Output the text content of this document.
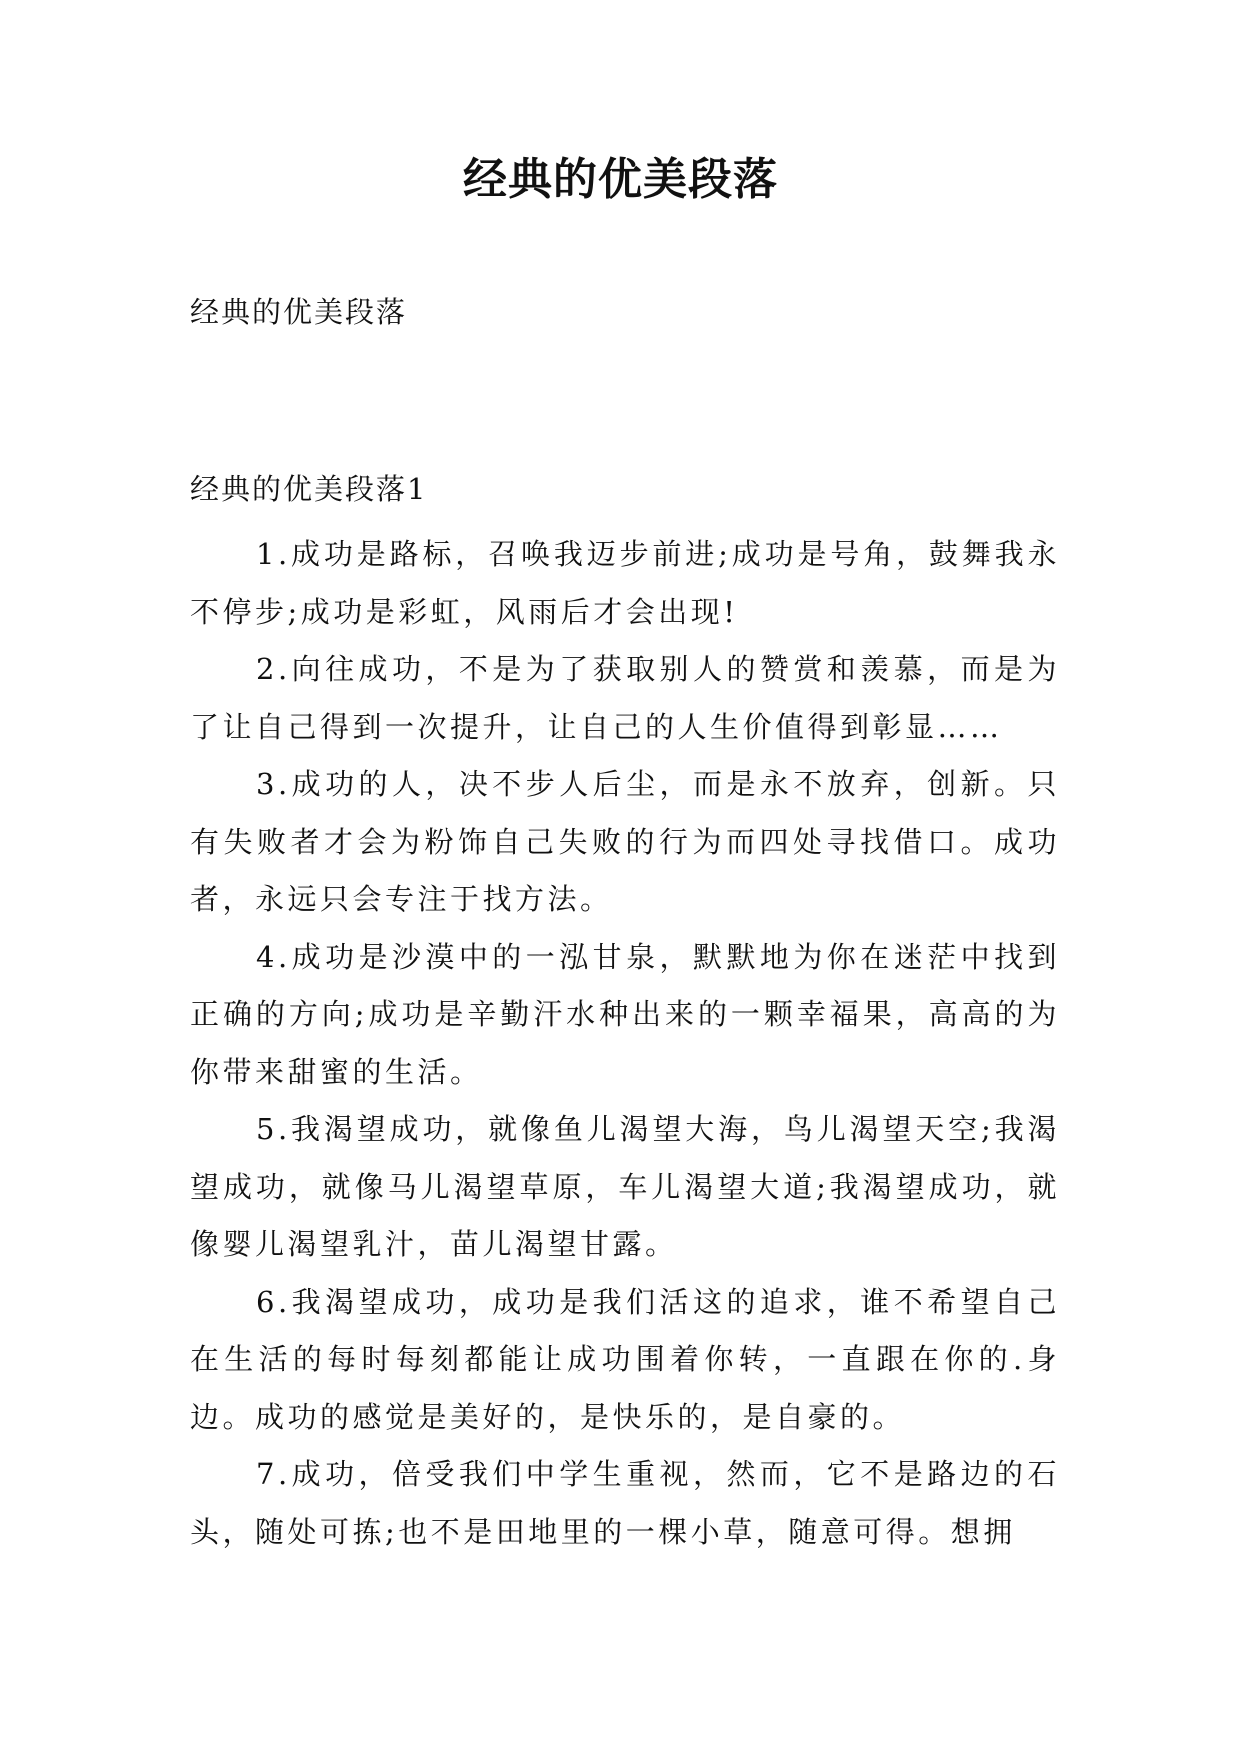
经典的优美段落
经典的优美段落
经典的优美段落1

1.成功是路标，召唤我迈步前进;成功是号角，鼓舞我永不停步;成功是彩虹，风雨后才会出现!

2.向往成功，不是为了获取别人的赞赏和羡慕，而是为了让自己得到一次提升，让自己的人生价值得到彰显……

3.成功的人，决不步人后尘，而是永不放弃，创新。只有失败者才会为粉饰自己失败的行为而四处寻找借口。成功者，永远只会专注于找方法。

4.成功是沙漠中的一泓甘泉，默默地为你在迷茫中找到正确的方向;成功是辛勤汗水种出来的一颗幸福果，高高的为你带来甜蜜的生活。

5.我渴望成功，就像鱼儿渴望大海，鸟儿渴望天空;我渴望成功，就像马儿渴望草原，车儿渴望大道;我渴望成功，就像婴儿渴望乳汁，苗儿渴望甘露。

6.我渴望成功，成功是我们活这的追求，谁不希望自己在生活的每时每刻都能让成功围着你转，一直跟在你的.身边。成功的感觉是美好的，是快乐的，是自豪的。

7.成功，倍受我们中学生重视，然而，它不是路边的石头，随处可拣;也不是田地里的一棵小草，随意可得。想拥
